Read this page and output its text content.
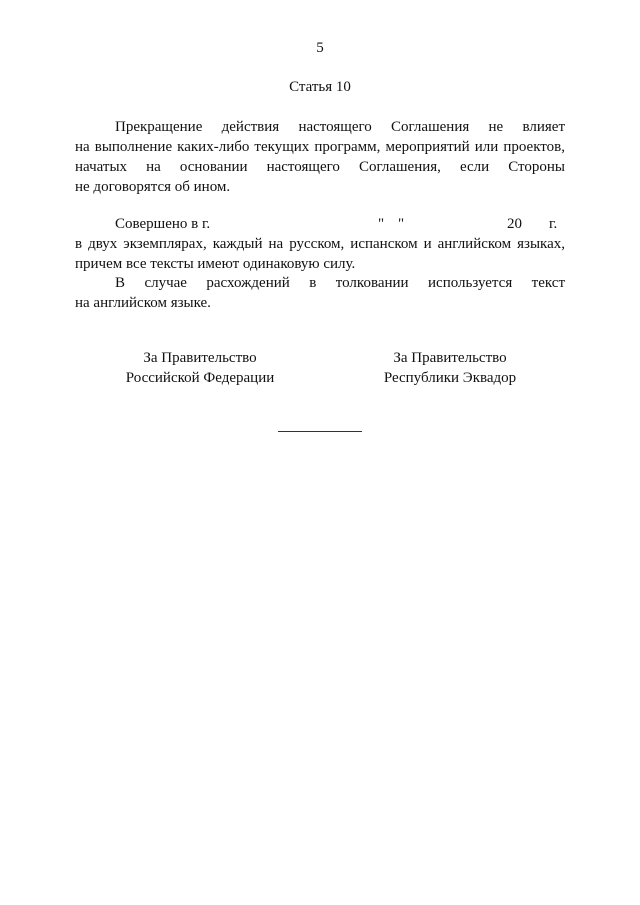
5
Статья 10
Прекращение действия настоящего Соглашения не влияет
на выполнение каких-либо текущих программ, мероприятий или проектов,
начатых на основании настоящего Соглашения, если Стороны
не договорятся об ином.
Совершено в г.	" "	20 г.
в двух экземплярах, каждый на русском, испанском и английском языках,
причем все тексты имеют одинаковую силу.
В случае расхождений в толковании используется текст
на английском языке.
За Правительство
Российской Федерации
За Правительство
Республики Эквадор
